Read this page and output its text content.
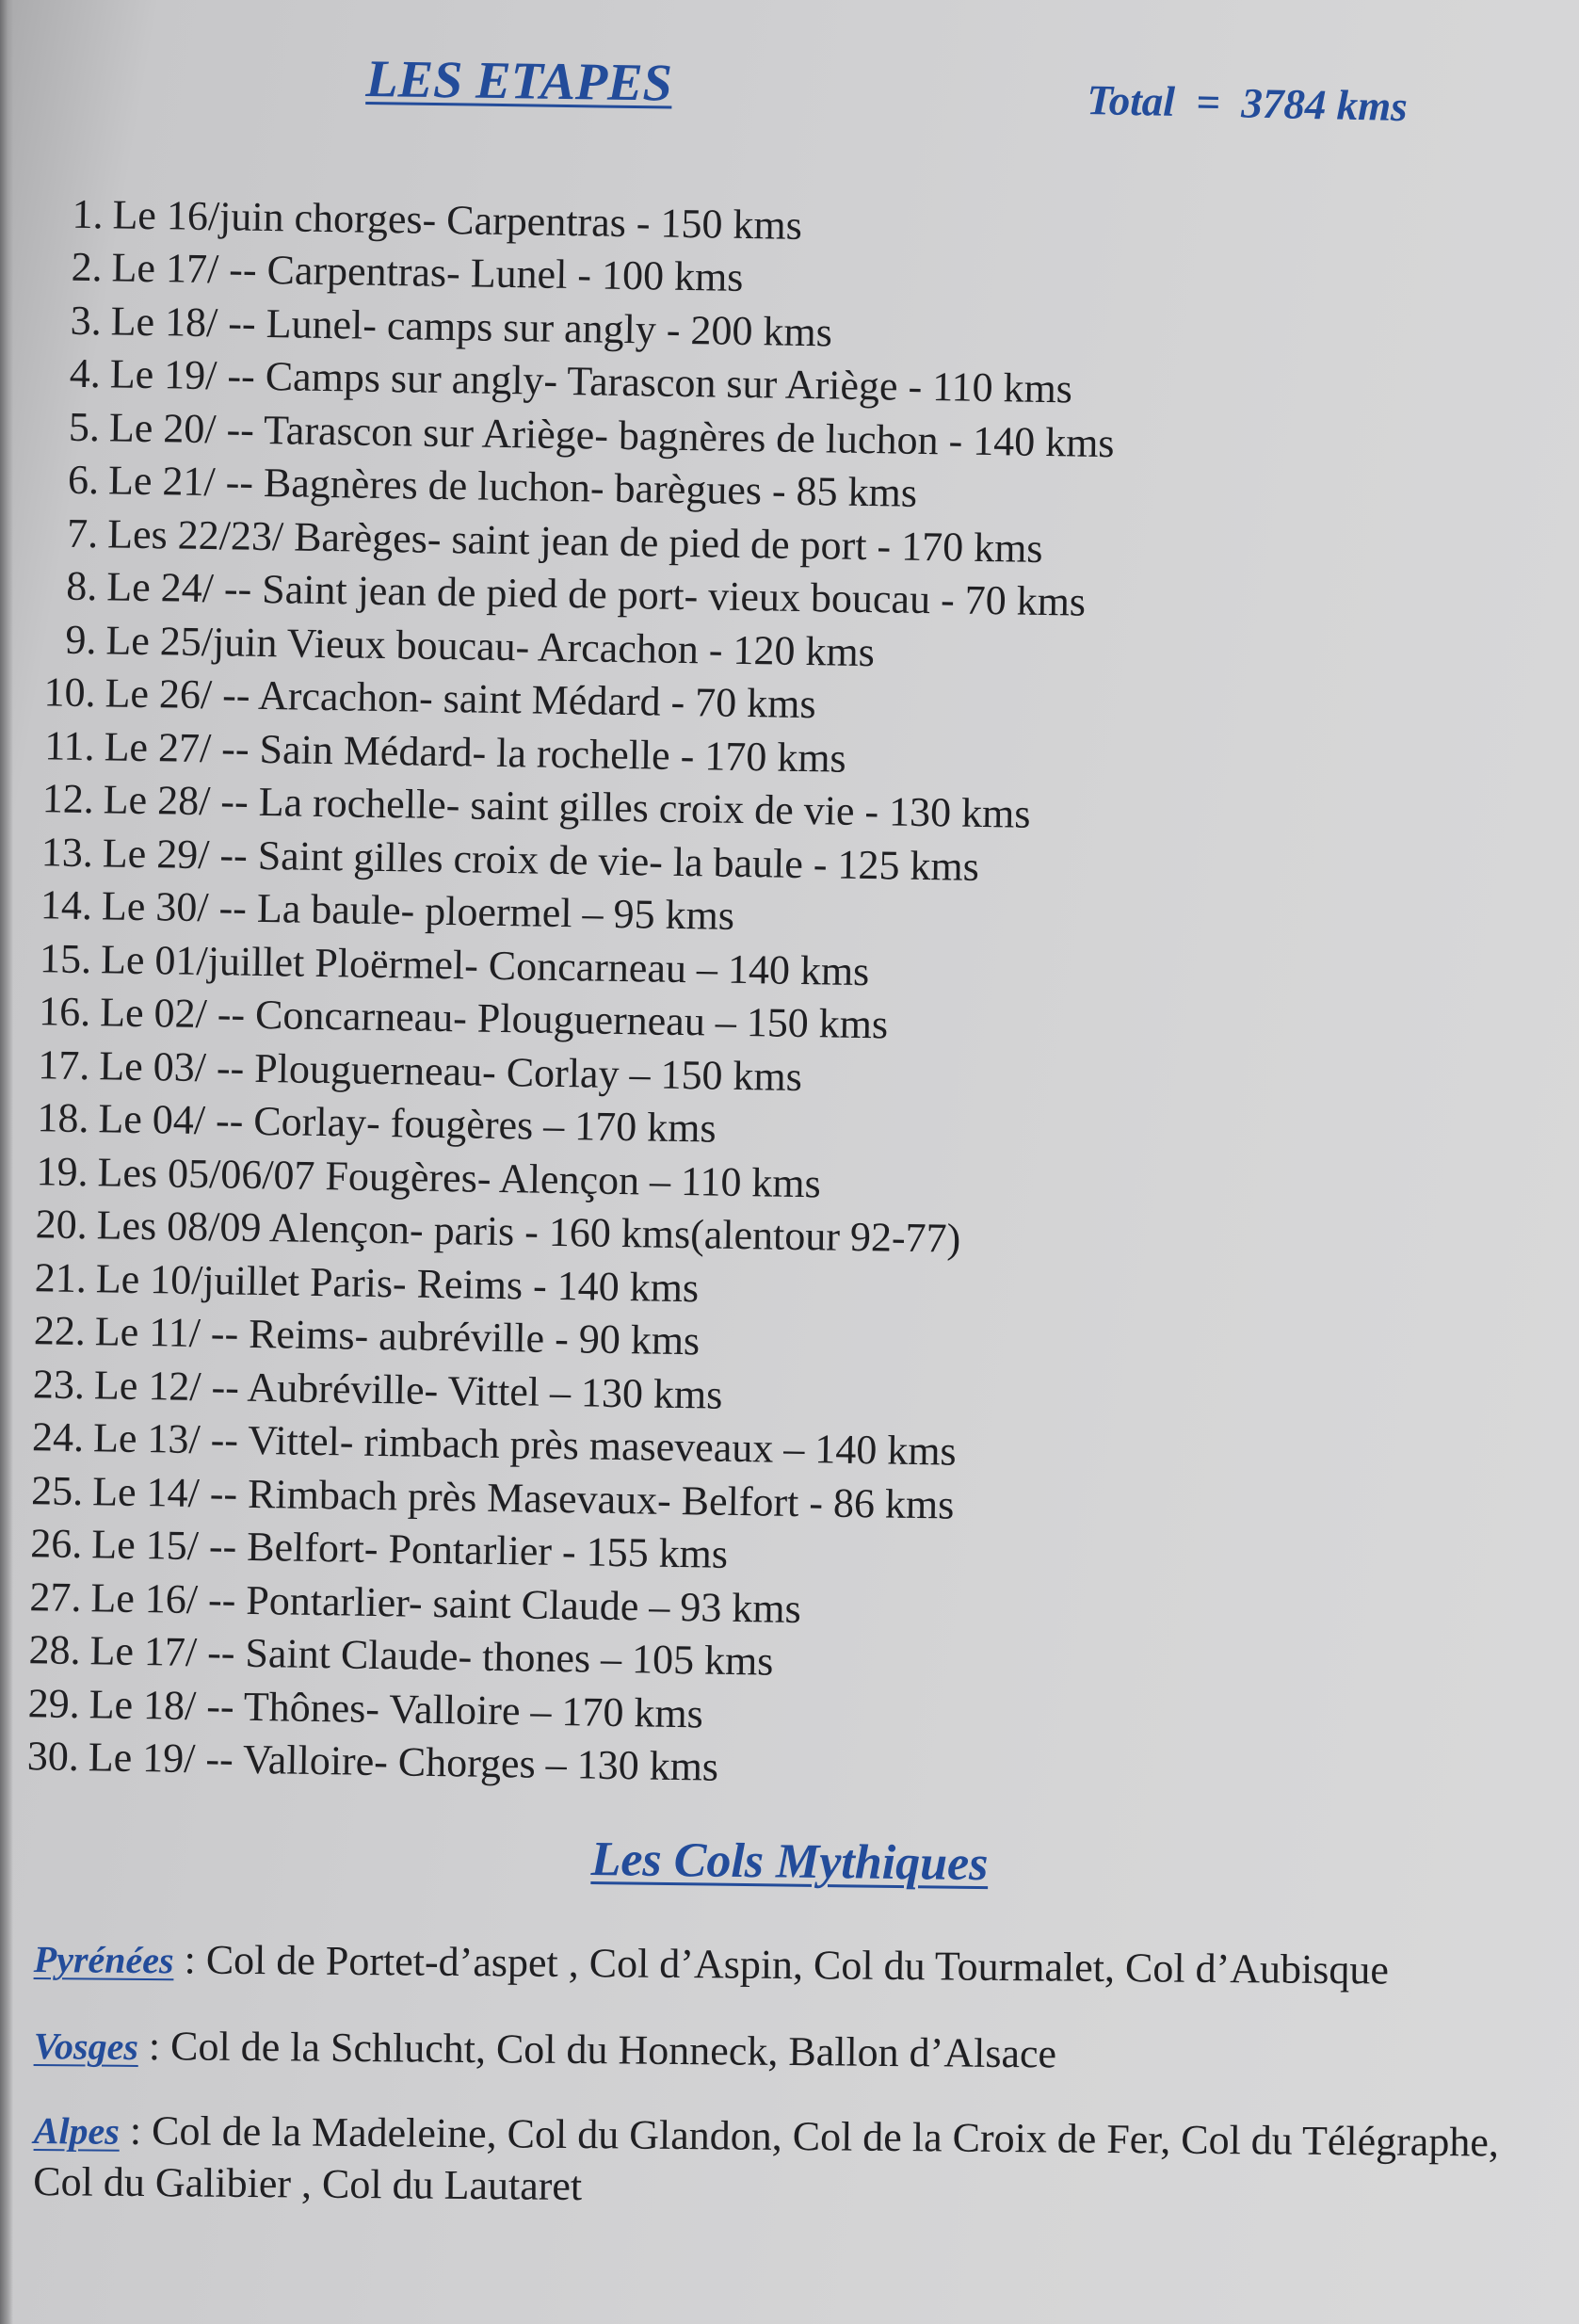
LES ETAPES	Total  =  3784 kms
1. Le 16/juin chorges- Carpentras - 150 kms
2. Le 17/ -- Carpentras- Lunel - 100 kms
3. Le 18/ -- Lunel- camps sur angly - 200 kms
4. Le 19/ -- Camps sur angly- Tarascon sur Ariège - 110 kms
5. Le 20/ -- Tarascon sur Ariège- bagnères de luchon - 140 kms
6. Le 21/ -- Bagnères de luchon- barègues - 85 kms
7. Les 22/23/ Barèges- saint jean de pied de port - 170 kms
8. Le 24/ -- Saint jean de pied de port- vieux boucau - 70 kms
9. Le 25/juin Vieux boucau- Arcachon - 120 kms
10. Le 26/ -- Arcachon- saint Médard - 70 kms
11. Le 27/ -- Sain Médard- la rochelle - 170 kms
12. Le 28/ -- La rochelle- saint gilles croix de vie - 130 kms
13. Le 29/ -- Saint gilles croix de vie- la baule - 125 kms
14. Le 30/ -- La baule- ploermel – 95 kms
15. Le 01/juillet Ploërmel- Concarneau – 140 kms
16. Le 02/ -- Concarneau- Plouguerneau – 150 kms
17. Le 03/ -- Plouguerneau- Corlay – 150 kms
18. Le 04/ -- Corlay- fougères – 170 kms
19. Les 05/06/07 Fougères- Alençon – 110 kms
20. Les 08/09 Alençon- paris - 160 kms(alentour 92-77)
21. Le 10/juillet Paris- Reims - 140 kms
22. Le 11/ -- Reims- aubréville - 90 kms
23. Le 12/ -- Aubréville- Vittel – 130 kms
24. Le 13/ -- Vittel- rimbach près maseveaux – 140 kms
25. Le 14/ -- Rimbach près Masevaux- Belfort - 86 kms
26. Le 15/ -- Belfort- Pontarlier - 155 kms
27. Le 16/ -- Pontarlier- saint Claude – 93 kms
28. Le 17/ -- Saint Claude- thones – 105 kms
29. Le 18/ -- Thônes- Valloire – 170 kms
30. Le 19/ -- Valloire- Chorges – 130 kms
Les Cols Mythiques
Pyrénées : Col de Portet-d’aspet , Col d’Aspin, Col du Tourmalet, Col d’Aubisque
Vosges : Col de la Schlucht, Col du Honneck, Ballon d’Alsace
Alpes : Col de la Madeleine, Col du Glandon, Col de la Croix de Fer, Col du Télégraphe, Col du Galibier , Col du Lautaret
